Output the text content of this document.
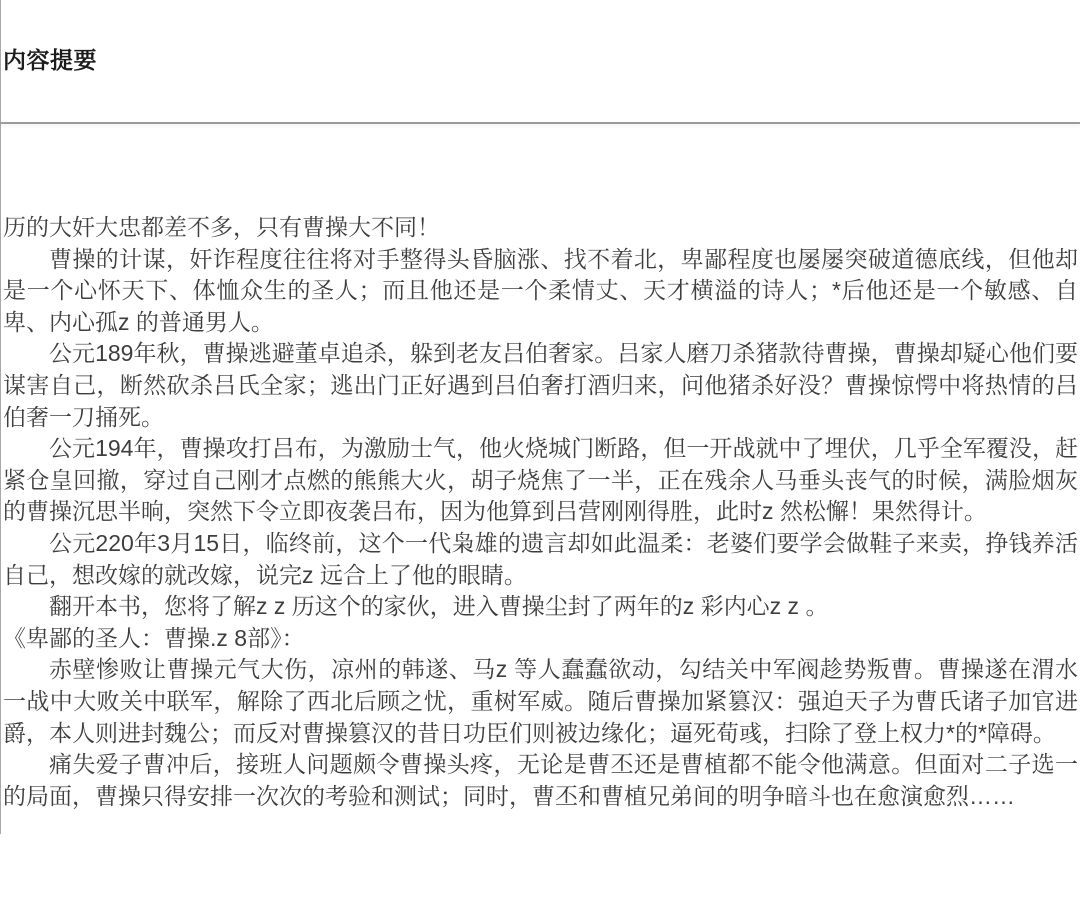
内容提要

历的大奸大忠都差不多，只有曹操大不同！

曹操的计谋，奸诈程度往往将对手整得头昏脑涨、找不着北，卑鄙程度也屡屡突破道德底线，但他却是一个心怀天下、体恤众生的圣人；而且他还是一个柔情丈、天才横溢的诗人；*后他还是一个敏感、自卑、内心孤z 的普通男人。

公元189年秋，曹操逃避董卓追杀，躲到老友吕伯奢家。吕家人磨刀杀猪款待曹操，曹操却疑心他们要谋害自己，断然砍杀吕氏全家；逃出门正好遇到吕伯奢打酒归来，问他猪杀好没？曹操惊愕中将热情的吕伯奢一刀捅死。

公元194年，曹操攻打吕布，为激励士气，他火烧城门断路，但一开战就中了埋伏，几乎全军覆没，赶紧仓皇回撤，穿过自己刚才点燃的熊熊大火，胡子烧焦了一半，正在残余人马垂头丧气的时候，满脸烟灰的曹操沉思半晌，突然下令立即夜袭吕布，因为他算到吕营刚刚得胜，此时z 然松懈！果然得计。

公元220年3月15日，临终前，这个一代枭雄的遗言却如此温柔：老婆们要学会做鞋子来卖，挣钱养活自己，想改嫁的就改嫁，说完z 远合上了他的眼睛。

翻开本书，您将了解z z 历这个的家伙，进入曹操尘封了两年的z 彩内心z z 。

《卑鄙的圣人：曹操.z 8部》：

赤壁惨败让曹操元气大伤，凉州的韩遂、马z 等人蠢蠢欲动，勾结关中军阀趁势叛曹。曹操遂在渭水一战中大败关中联军，解除了西北后顾之忧，重树军威。随后曹操加紧篡汉：强迫天子为曹氏诸子加官进爵，本人则进封魏公；而反对曹操篡汉的昔日功臣们则被边缘化；逼死荀彧，扫除了登上权力*的*障碍。

痛失爱子曹冲后，接班人问题颇令曹操头疼，无论是曹丕还是曹植都不能令他满意。但面对二子选一的局面，曹操只得安排一次次的考验和测试；同时，曹丕和曹植兄弟间的明争暗斗也在愈演愈烈……
